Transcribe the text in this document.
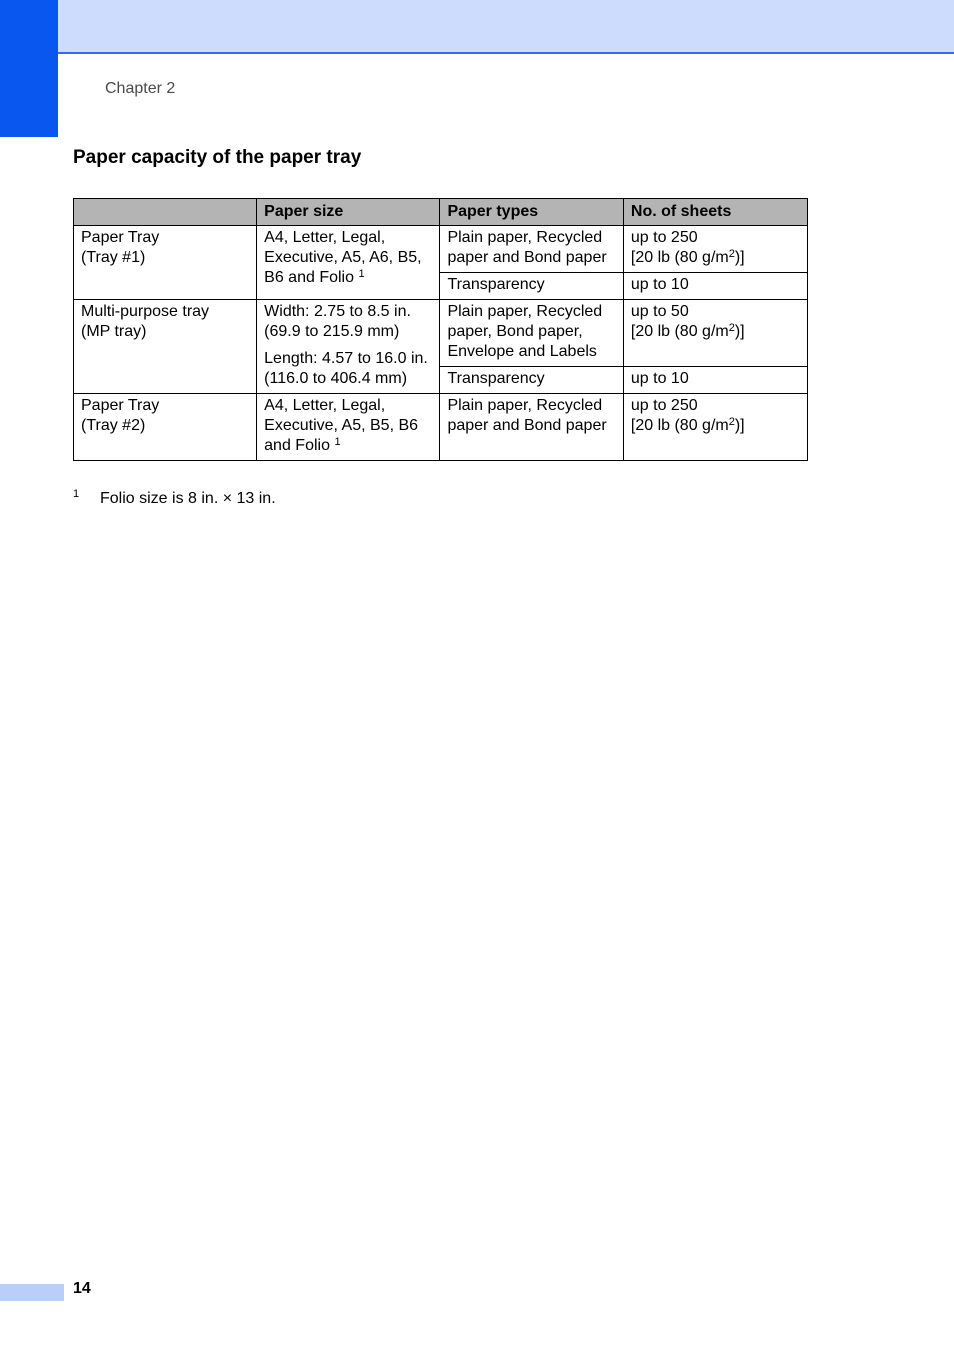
Chapter 2
Paper capacity of the paper tray
	Paper size	Paper types	No. of sheets

Paper Tray
(Tray #1)	A4, Letter, Legal,
Executive, A5, A6, B5,
B6 and Folio $^1$	Plain paper, Recycled
paper and Bond paper	up to 250
[20 lb (80 g/m$^2$)]

		Transparency	up to 10

Multi-purpose tray
(MP tray)	Width: 2.75 to 8.5 in.
(69.9 to 215.9 mm)
Length: 4.57 to 16.0 in.
(116.0 to 406.4 mm)	Plain paper, Recycled
paper, Bond paper,
Envelope and Labels	up to 50
[20 lb (80 g/m$^2$)]

		Transparency	up to 10

Paper Tray
(Tray #2)	A4, Letter, Legal,
Executive, A5, B5, B6
and Folio $^1$	Plain paper, Recycled
paper and Bond paper	up to 250
[20 lb (80 g/m$^2$)]
1 Folio size is 8 in. × 13 in.
14
